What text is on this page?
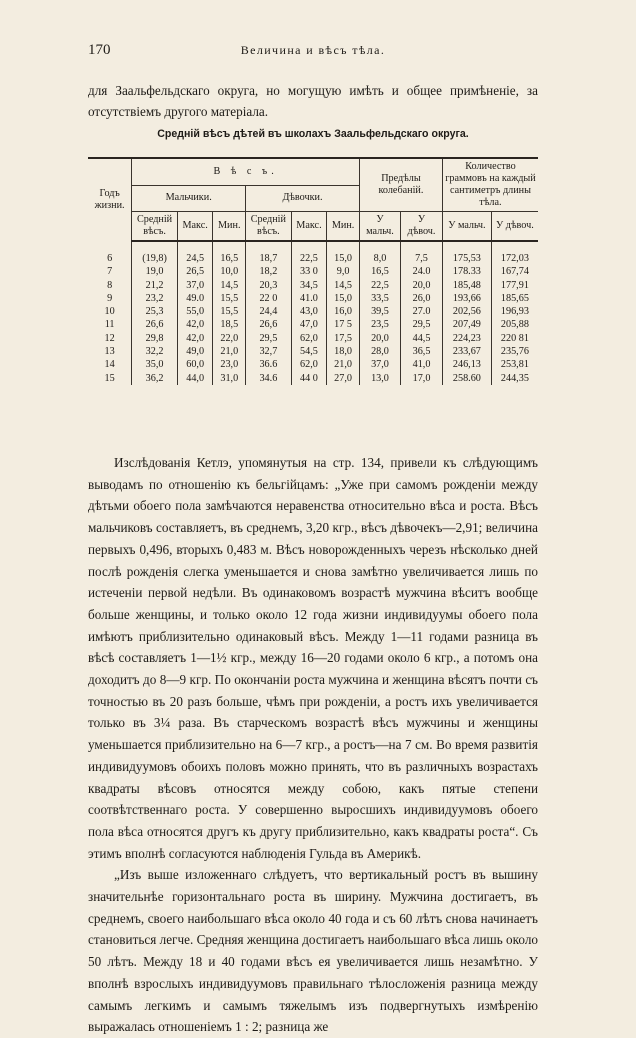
170	Величина и вѣсъ тѣла.
для Заальфельдскаго округа, но могущую имѣть и общее примѣненіе, за отсутствіемъ другого матеріала.
Средній вѣсъ дѣтей въ школахъ Заальфельдскаго округа.
Годъ жизни.	В ѣ с ъ.						Предѣлы колебаній.		Количество граммовъ на каждый сантиметръ длины тѣла.	
	Мальчики.			Дѣвочки.						
	Средній вѣсъ.	Макс.	Мин.	Средній вѣсъ.	Макс.	Мин.	У мальч.	У дѣвоч.	У мальч.	У дѣвоч.
6	(19,8)	24,5	16,5	18,7	22,5	15,0	8,0	7,5	175,53	172,03
7	19,0	26,5	10,0	18,2	33 0	9,0	16,5	24.0	178.33	167,74
8	21,2	37,0	14,5	20,3	34,5	14,5	22,5	20,0	185,48	177,91
9	23,2	49.0	15,5	22 0	41.0	15,0	33,5	26,0	193,66	185,65
10	25,3	55,0	15,5	24,4	43,0	16,0	39,5	27.0	202,56	196,93
11	26,6	42,0	18,5	26,6	47,0	17 5	23,5	29,5	207,49	205,88
12	29,8	42,0	22,0	29,5	62,0	17,5	20,0	44,5	224,23	220 81
13	32,2	49,0	21,0	32,7	54,5	18,0	28,0	36,5	233,67	235,76
14	35,0	60,0	23,0	36.6	62,0	21,0	37,0	41,0	246,13	253,81
15	36,2	44,0	31,0	34.6	44 0	27,0	13,0	17,0	258.60	244,35

Изслѣдованія Кетлэ, упомянутыя на стр. 134, привели къ слѣдующимъ выводамъ по отношенію къ бельгійцамъ: „Уже при самомъ рожденіи между дѣтьми обоего пола замѣчаются неравенства относительно вѣса и роста. Вѣсъ мальчиковъ составляетъ, въ среднемъ, 3,20 кгр., вѣсъ дѣвочекъ—2,91; величина первыхъ 0,496, вторыхъ 0,483 м. Вѣсъ новорожденныхъ черезъ нѣсколько дней послѣ рожденія слегка уменьшается и снова замѣтно увеличивается лишь по истеченіи первой недѣли. Въ одинаковомъ возрастѣ мужчина вѣситъ вообще больше женщины, и только около 12 года жизни индивидуумы обоего пола имѣютъ приблизительно одинаковый вѣсъ. Между 1—11 годами разница въ вѣсѣ составляетъ 1—1½ кгр., между 16—20 годами около 6 кгр., а потомъ она доходитъ до 8—9 кгр. По окончаніи роста мужчина и женщина вѣсятъ почти съ точностью въ 20 разъ больше, чѣмъ при рожденіи, а ростъ ихъ увеличивается только въ 3¼ раза. Въ старческомъ возрастѣ вѣсъ мужчины и женщины уменьшается приблизительно на 6—7 кгр., а ростъ—на 7 см. Во время развитія индивидуумовъ обоихъ половъ можно принять, что въ различныхъ возрастахъ квадраты вѣсовъ относятся между собою, какъ пятые степени соотвѣтственнаго роста. У совершенно выросшихъ индивидуумовъ обоего пола вѣса относятся другъ къ другу приблизительно, какъ квадраты роста“. Съ этимъ вполнѣ согласуются наблюденія Гульда въ Америкѣ.

„Изъ выше изложеннаго слѣдуетъ, что вертикальный ростъ въ вышину значительнѣе горизонтальнаго роста въ ширину. Мужчина достигаетъ, въ среднемъ, своего наибольшаго вѣса около 40 года и съ 60 лѣтъ снова начинаетъ становиться легче. Средняя женщина достигаетъ наибольшаго вѣса лишь около 50 лѣтъ. Между 18 и 40 годами вѣсъ ея увеличивается лишь незамѣтно. У вполнѣ взрослыхъ индивидуумовъ правильнаго тѣлосложенія разница между самымъ легкимъ и самымъ тяжелымъ изъ подвергнутыхъ измѣренію выражалась отношеніемъ 1 : 2; разница же
